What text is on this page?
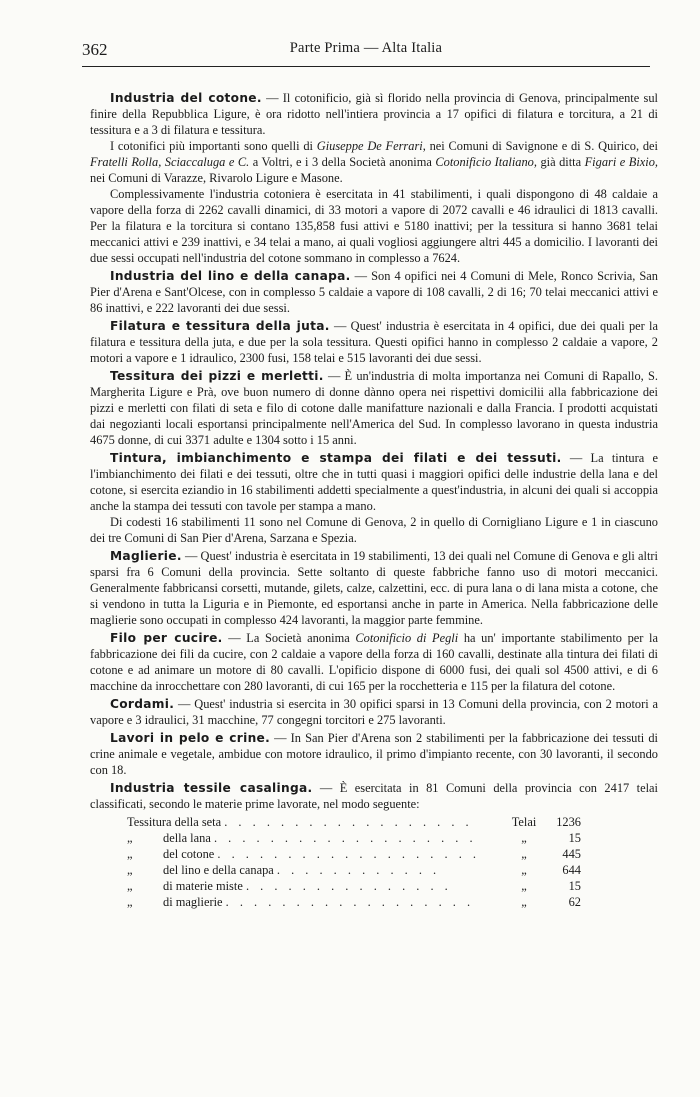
362	Parte Prima — Alta Italia

Industria del cotone. — Il cotonificio, già sì florido nella provincia di Genova, principalmente sul finire della Repubblica Ligure, è ora ridotto nell'intiera provincia a 17 opifici di filatura e torcitura, a 21 di tessitura e a 3 di filatura e tessitura.

I cotonifici più importanti sono quelli di Giuseppe De Ferrari, nei Comuni di Savignone e di S. Quirico, dei Fratelli Rolla, Sciaccaluga e C. a Voltri, e i 3 della Società anonima Cotonificio Italiano, già ditta Figari e Bixio, nei Comuni di Varazze, Rivarolo Ligure e Masone.

Complessivamente l'industria cotoniera è esercitata in 41 stabilimenti, i quali dispongono di 48 caldaie a vapore della forza di 2262 cavalli dinamici, di 33 motori a vapore di 2072 cavalli e 46 idraulici di 1813 cavalli. Per la filatura e la torcitura si contano 135,858 fusi attivi e 5180 inattivi; per la tessitura si hanno 3681 telai meccanici attivi e 239 inattivi, e 34 telai a mano, ai quali vogliosi aggiungere altri 445 a domicilio. I lavoranti dei due sessi occupati nell'industria del cotone sommano in complesso a 7624.

Industria del lino e della canapa. — Son 4 opifici nei 4 Comuni di Mele, Ronco Scrivia, San Pier d'Arena e Sant'Olcese, con in complesso 5 caldaie a vapore di 108 cavalli, 2 di 16; 70 telai meccanici attivi e 86 inattivi, e 222 lavoranti dei due sessi.

Filatura e tessitura della juta. — Quest' industria è esercitata in 4 opifici, due dei quali per la filatura e tessitura della juta, e due per la sola tessitura. Questi opifici hanno in complesso 2 caldaie a vapore, 2 motori a vapore e 1 idraulico, 2300 fusi, 158 telai e 515 lavoranti dei due sessi.

Tessitura dei pizzi e merletti. — È un'industria di molta importanza nei Comuni di Rapallo, S. Margherita Ligure e Prà, ove buon numero di donne dànno opera nei rispettivi domicilii alla fabbricazione dei pizzi e merletti con filati di seta e filo di cotone dalle manifatture nazionali e dalla Francia. I prodotti acquistati dai negozianti locali esportansi principalmente nell'America del Sud. In complesso lavorano in questa industria 4675 donne, di cui 3371 adulte e 1304 sotto i 15 anni.

Tintura, imbianchimento e stampa dei filati e dei tessuti. — La tintura e l'imbianchimento dei filati e dei tessuti, oltre che in tutti quasi i maggiori opifici delle industrie della lana e del cotone, si esercita eziandio in 16 stabilimenti addetti specialmente a quest'industria, in alcuni dei quali si accoppia anche la stampa dei tessuti con tavole per stampa a mano.

Di codesti 16 stabilimenti 11 sono nel Comune di Genova, 2 in quello di Cornigliano Ligure e 1 in ciascuno dei tre Comuni di San Pier d'Arena, Sarzana e Spezia.

Maglierie. — Quest' industria è esercitata in 19 stabilimenti, 13 dei quali nel Comune di Genova e gli altri sparsi fra 6 Comuni della provincia. Sette soltanto di queste fabbriche fanno uso di motori meccanici. Generalmente fabbricansi corsetti, mutande, gilets, calze, calzettini, ecc. di pura lana o di lana mista a cotone, che si vendono in tutta la Liguria e in Piemonte, ed esportansi anche in parte in America. Nella fabbricazione delle maglierie sono occupati in complesso 424 lavoranti, la maggior parte femmine.

Filo per cucire. — La Società anonima Cotonificio di Pegli ha un' importante stabilimento per la fabbricazione dei fili da cucire, con 2 caldaie a vapore della forza di 160 cavalli, destinate alla tintura dei filati di cotone e ad animare un motore di 80 cavalli. L'opificio dispone di 6000 fusi, dei quali sol 4500 attivi, e di 6 macchine da inrocchettare con 280 lavoranti, di cui 165 per la rocchetteria e 115 per la filatura del cotone.

Cordami. — Quest' industria si esercita in 30 opifici sparsi in 13 Comuni della provincia, con 2 motori a vapore e 3 idraulici, 31 macchine, 77 congegni torcitori e 275 lavoranti.

Lavori in pelo e crine. — In San Pier d'Arena son 2 stabilimenti per la fabbricazione dei tessuti di crine animale e vegetale, ambidue con motore idraulico, il primo d'impianto recente, con 30 lavoranti, il secondo con 18.

Industria tessile casalinga. — È esercitata in 81 Comuni della provincia con 2417 telai classificati, secondo le materie prime lavorate, nel modo seguente:

Tessitura della seta . . . . . . . . . . . . . . . . . .	Telai	1236
„ della lana . . . . . . . . . . . . . . . . . . .	„	15
„ del cotone . . . . . . . . . . . . . . . . . . .	„	445
„ del lino e della canapa . . . . . . . . . . . .	„	644
„ di materie miste . . . . . . . . . . . . . . .	„	15
„ di maglierie . . . . . . . . . . . . . . . . . .	„	62
